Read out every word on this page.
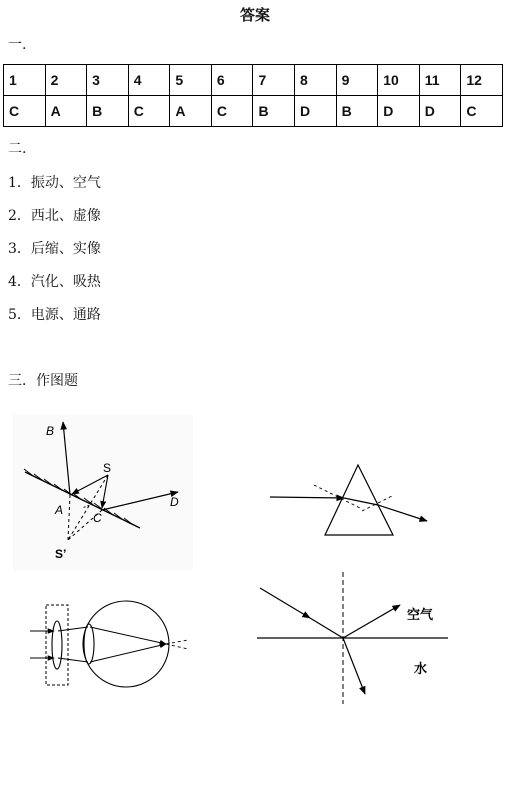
答案
一.
1	2	3	4	5	6	7	8	9	10	11	12
C	A	B	C	A	C	B	D	B	D	D	C
二.
1．振动、空气
2．西北、虚像
3．后缩、实像
4．汽化、吸热
5．电源、通路
三．作图题
B
S
A
C
D
S’
空气
水
